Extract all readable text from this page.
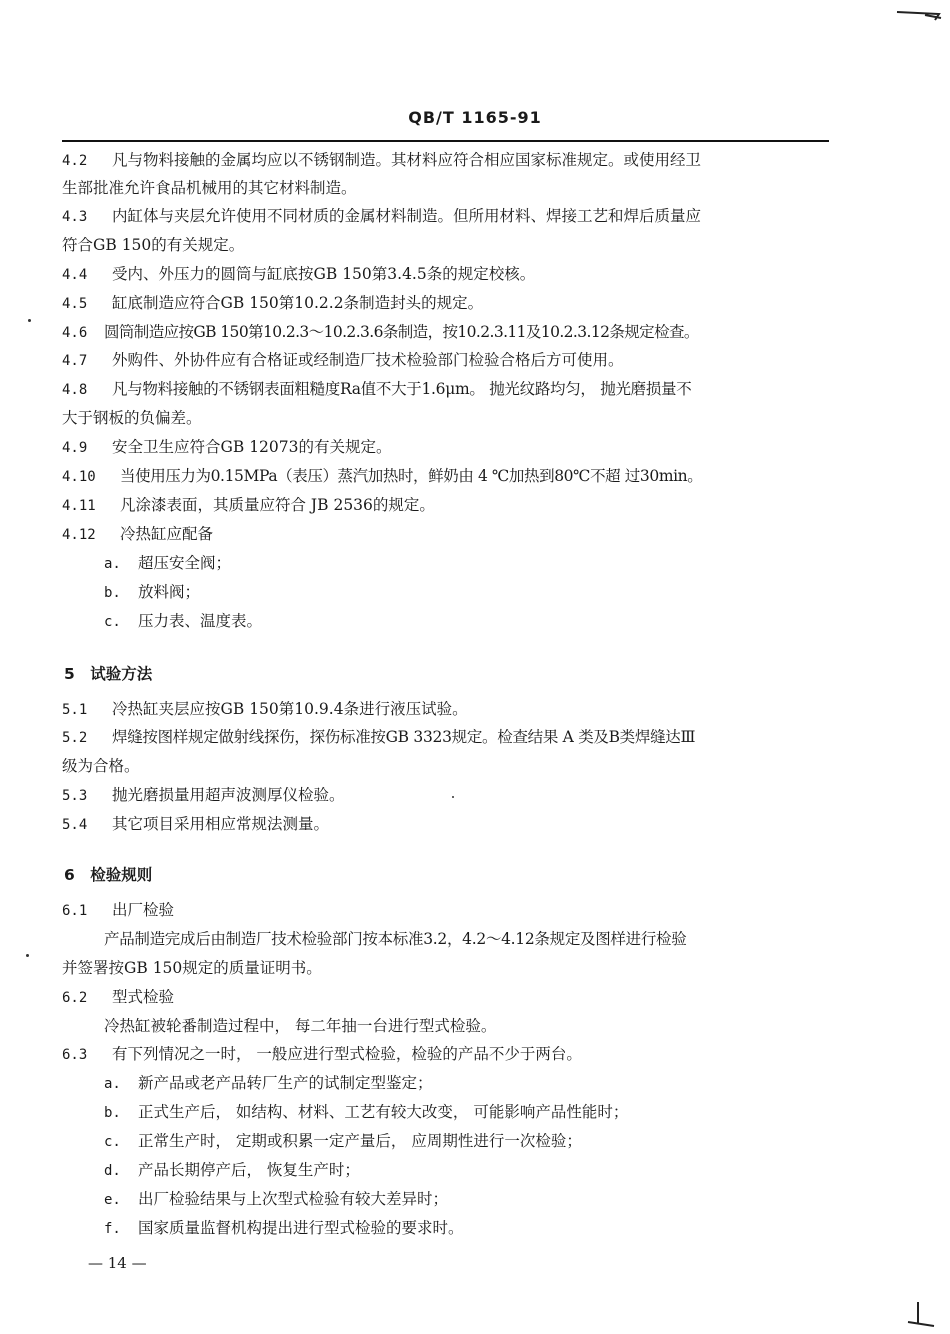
QB/T 1165-91
4.2 凡与物料接触的金属均应以不锈钢制造。其材料应符合相应国家标准规定。或使用经卫
生部批准允许食品机械用的其它材料制造。
4.3 内缸体与夹层允许使用不同材质的金属材料制造。但所用材料、焊接工艺和焊后质量应
符合GB 150的有关规定。
4.4 受内、外压力的圆筒与缸底按GB 150第3.4.5条的规定校核。
4.5 缸底制造应符合GB 150第10.2.2条制造封头的规定。
4.6 圆筒制造应按GB 150第10.2.3～10.2.3.6条制造，按10.2.3.11及10.2.3.12条规定检查。
4.7 外购件、外协件应有合格证或经制造厂技术检验部门检验合格后方可使用。
4.8 凡与物料接触的不锈钢表面粗糙度Ra值不大于1.6μm。 抛光纹路均匀， 抛光磨损量不
大于钢板的负偏差。
4.9 安全卫生应符合GB 12073的有关规定。
4.10 当使用压力为0.15MPa（表压）蒸汽加热时，鲜奶由 4 ℃加热到80℃不超 过30min。
4.11 凡涂漆表面，其质量应符合 JB 2536的规定。
4.12 冷热缸应配备
a. 超压安全阀；
b. 放料阀；
c. 压力表、温度表。
5　试验方法
5.1 冷热缸夹层应按GB 150第10.9.4条进行液压试验。
5.2 焊缝按图样规定做射线探伤，探伤标准按GB 3323规定。检查结果 A 类及B类焊缝达Ⅲ
级为合格。
5.3 抛光磨损量用超声波测厚仪检验。
5.4 其它项目采用相应常规法测量。
6　检验规则
6.1 出厂检验
产品制造完成后由制造厂技术检验部门按本标准3.2，4.2～4.12条规定及图样进行检验
并签署按GB 150规定的质量证明书。
6.2 型式检验
冷热缸被轮番制造过程中， 每二年抽一台进行型式检验。
6.3 有下列情况之一时， 一般应进行型式检验，检验的产品不少于两台。
a. 新产品或老产品转厂生产的试制定型鉴定；
b. 正式生产后， 如结构、材料、工艺有较大改变， 可能影响产品性能时；
c. 正常生产时， 定期或积累一定产量后， 应周期性进行一次检验；
d. 产品长期停产后， 恢复生产时；
e. 出厂检验结果与上次型式检验有较大差异时；
f. 国家质量监督机构提出进行型式检验的要求时。
— 14 —
